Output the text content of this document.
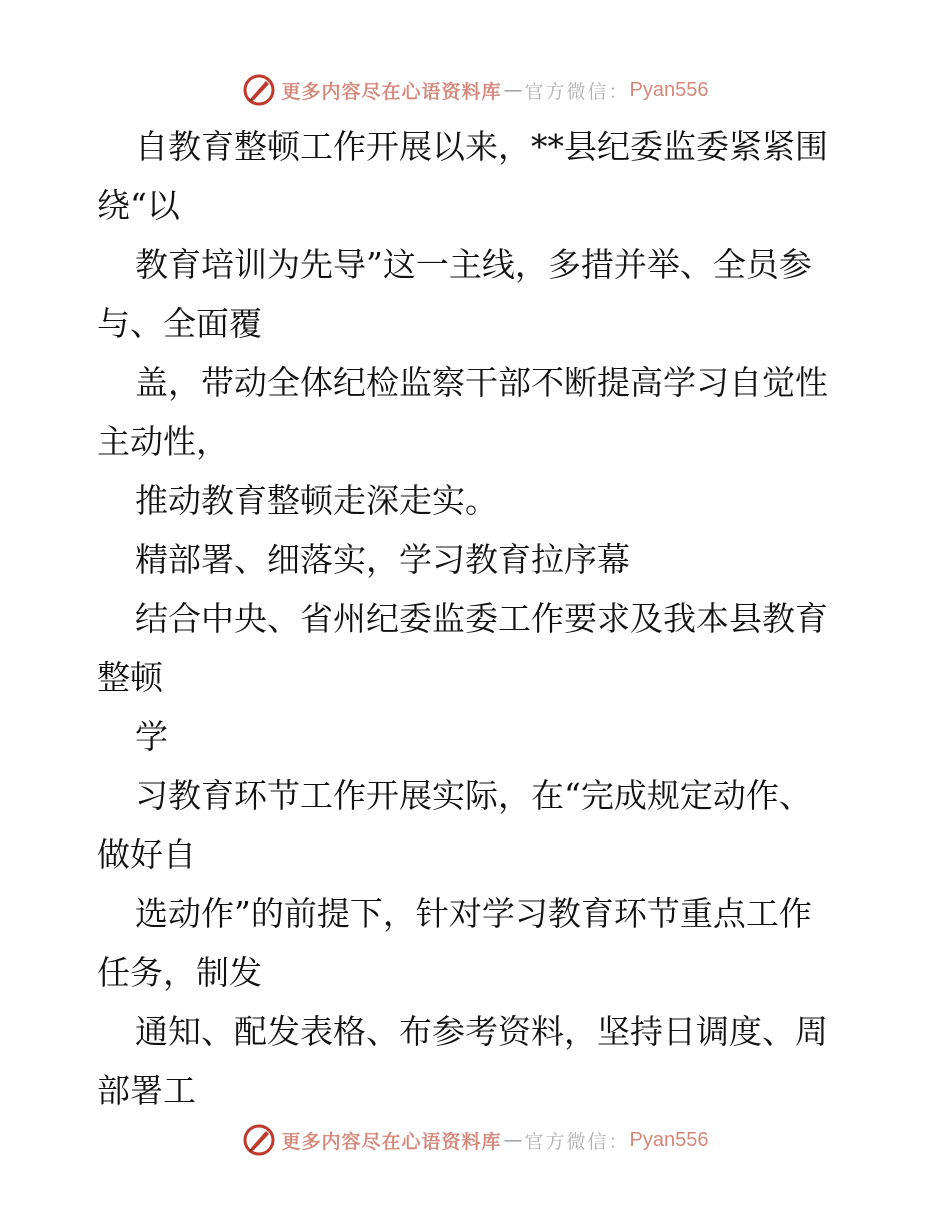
更多内容尽在心语资料库 — 官方微信： Pyan556
自教育整顿工作开展以来，**县纪委监委紧紧围
绕“以
教育培训为先导”这一主线，多措并举、全员参
与、全面覆
盖，带动全体纪检监察干部不断提高学习自觉性
主动性，
推动教育整顿走深走实。
精部署、细落实，学习教育拉序幕
结合中央、省州纪委监委工作要求及我本县教育
整顿
学
习教育环节工作开展实际，在“完成规定动作、
做好自
选动作”的前提下，针对学习教育环节重点工作
任务，制发
通知、配发表格、布参考资料，坚持日调度、周
部署工
更多内容尽在心语资料库 — 官方微信： Pyan556
